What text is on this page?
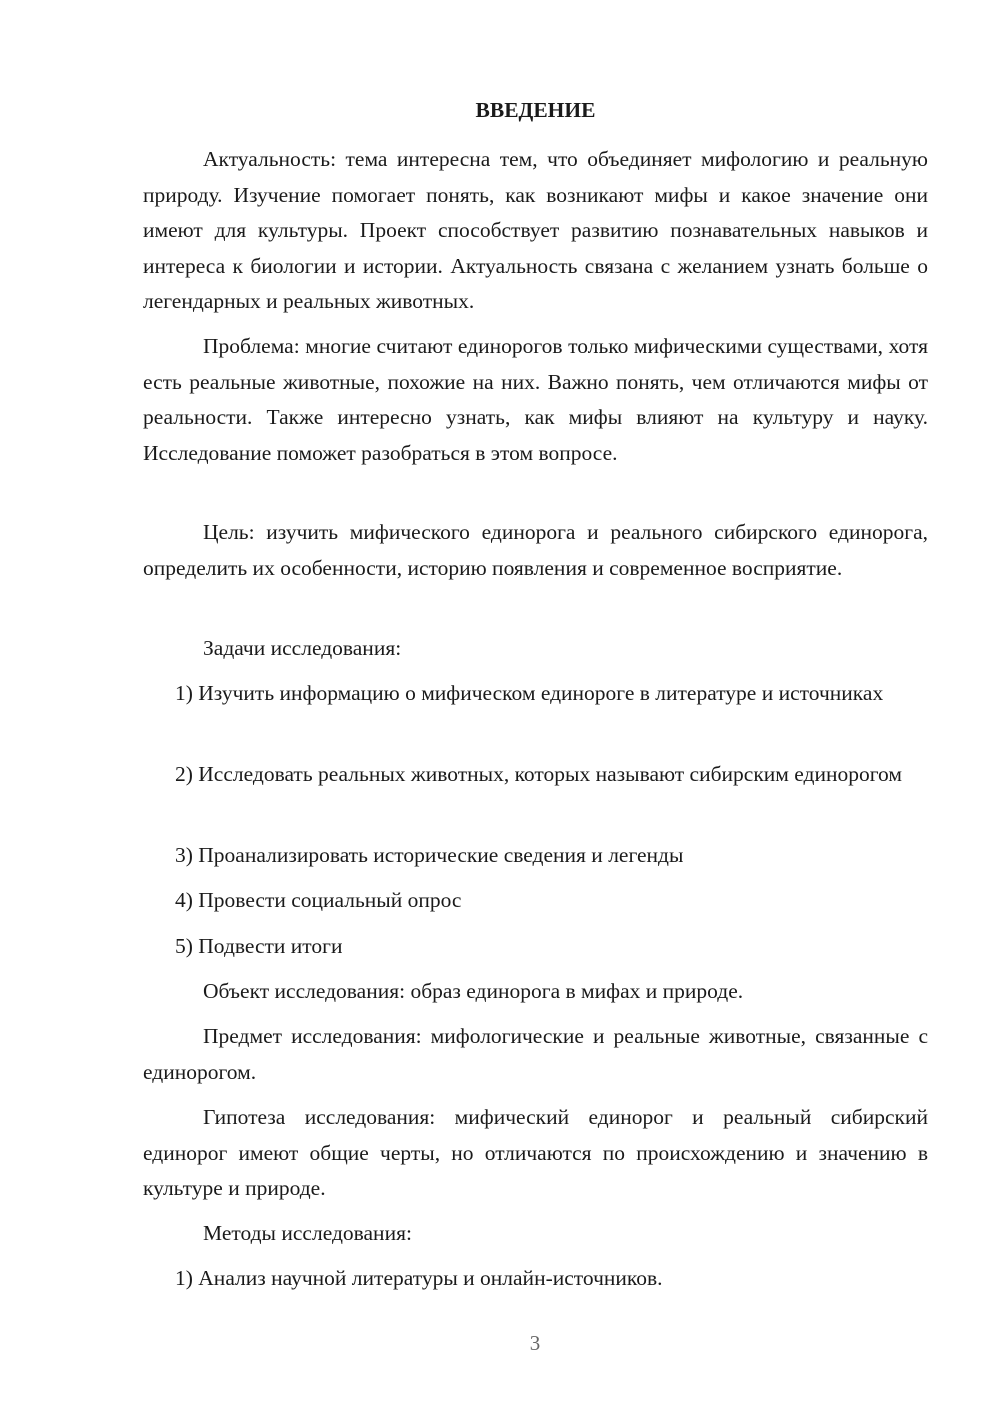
ВВЕДЕНИЕ

Актуальность: тема интересна тем, что объединяет мифологию и реальную природу. Изучение помогает понять, как возникают мифы и какое значение они имеют для культуры. Проект способствует развитию познавательных навыков и интереса к биологии и истории. Актуальность связана с желанием узнать больше о легендарных и реальных животных.

Проблема: многие считают единорогов только мифическими существами, хотя есть реальные животные, похожие на них. Важно понять, чем отличаются мифы от реальности. Также интересно узнать, как мифы влияют на культуру и науку. Исследование поможет разобраться в этом вопросе.

Цель: изучить мифического единорога и реального сибирского единорога, определить их особенности, историю появления и современное восприятие.

Задачи исследования:

1) Изучить информацию о мифическом единороге в литературе и источниках

2) Исследовать реальных животных, которых называют сибирским единорогом

3) Проанализировать исторические сведения и легенды

4) Провести социальный опрос

5) Подвести итоги

Объект исследования: образ единорога в мифах и природе.

Предмет исследования: мифологические и реальные животные, связанные с единорогом.

Гипотеза исследования: мифический единорог и реальный сибирский единорог имеют общие черты, но отличаются по происхождению и значению в культуре и природе.

Методы исследования:

1) Анализ научной литературы и онлайн-источников.

3
